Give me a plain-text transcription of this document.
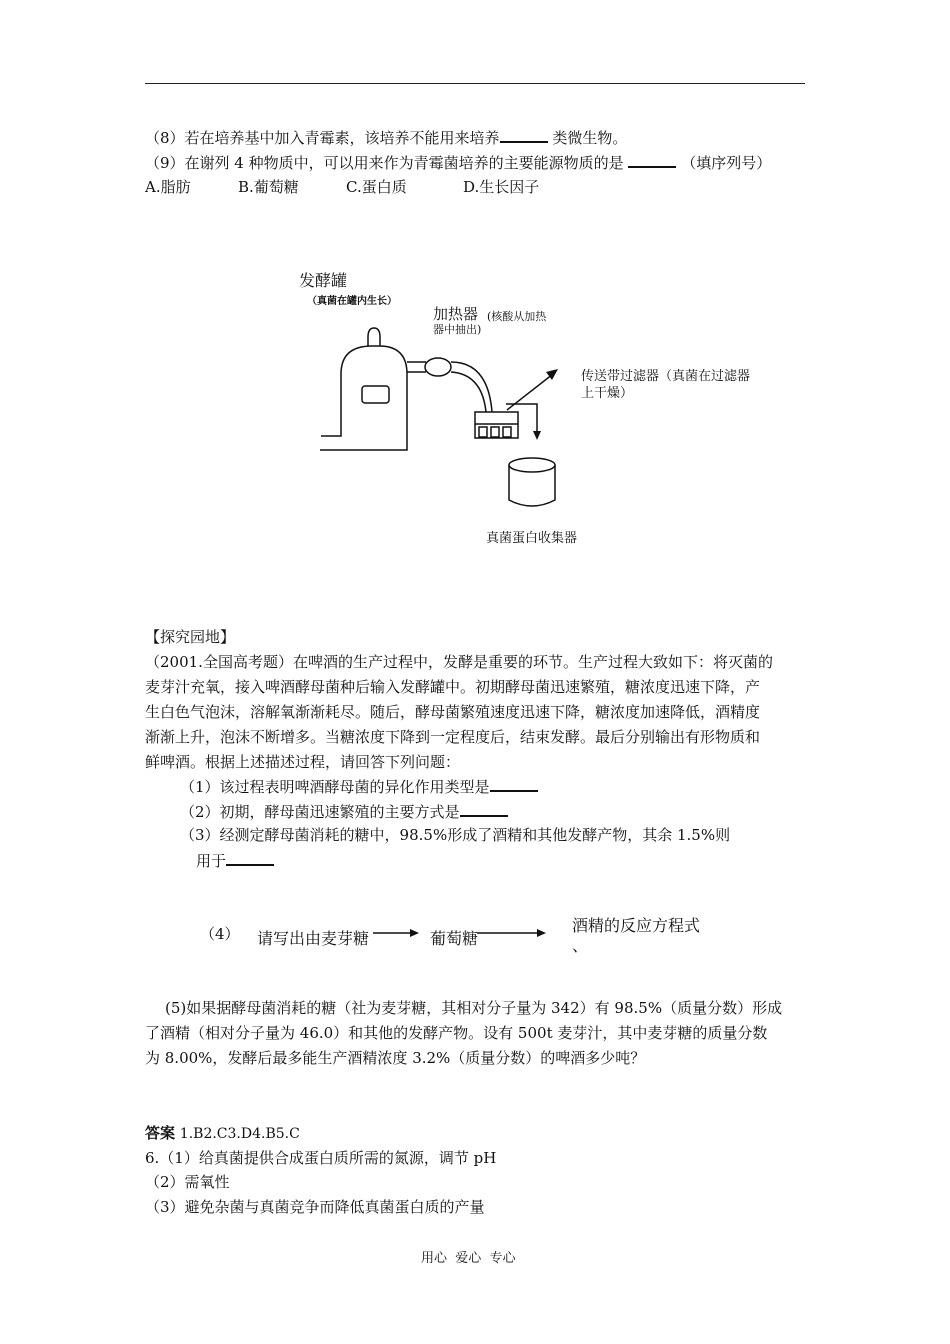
（8）若在培养基中加入青霉素，该培养不能用来培养	类微生物。
（9）在谢列 4 种物质中，可以用来作为青霉菌培养的主要能源物质的是	（填序列号）
A.脂肪	B.葡萄糖	C.蛋白质	D.生长因子
发酵罐
（真菌在罐内生长）
加热器 (核酸从加热
器中抽出)
传送带过滤器（真菌在过滤器
上干燥）
真菌蛋白收集器
【探究园地】
（2001.全国高考题）在啤酒的生产过程中，发酵是重要的环节。生产过程大致如下：将灭菌的
麦芽汁充氧，接入啤酒酵母菌种后输入发酵罐中。初期酵母菌迅速繁殖，糖浓度迅速下降，产
生白色气泡沫，溶解氧渐渐耗尽。随后，酵母菌繁殖速度迅速下降，糖浓度加速降低，酒精度
渐渐上升，泡沫不断增多。当糖浓度下降到一定程度后，结束发酵。最后分别输出有形物质和
鲜啤酒。根据上述描述过程，请回答下列问题：
（1）该过程表明啤酒酵母菌的异化作用类型是
（2）初期，酵母菌迅速繁殖的主要方式是
（3）经测定酵母菌消耗的糖中，98.5%形成了酒精和其他发酵产物，其余 1.5%则
用于
（4） 请写出由麦芽糖	葡萄糖
酒精的反应方程式
、
(5)如果据酵母菌消耗的糖（社为麦芽糖，其相对分子量为 342）有 98.5%（质量分数）形成
了酒精（相对分子量为 46.0）和其他的发酵产物。设有 500t 麦芽汁，其中麦芽糖的质量分数
为 8.00%，发酵后最多能生产酒精浓度 3.2%（质量分数）的啤酒多少吨？
答案 1.B2.C3.D4.B5.C
6.（1）给真菌提供合成蛋白质所需的氮源，调节 pH
（2）需氧性
（3）避免杂菌与真菌竞争而降低真菌蛋白质的产量
用心  爱心  专心
